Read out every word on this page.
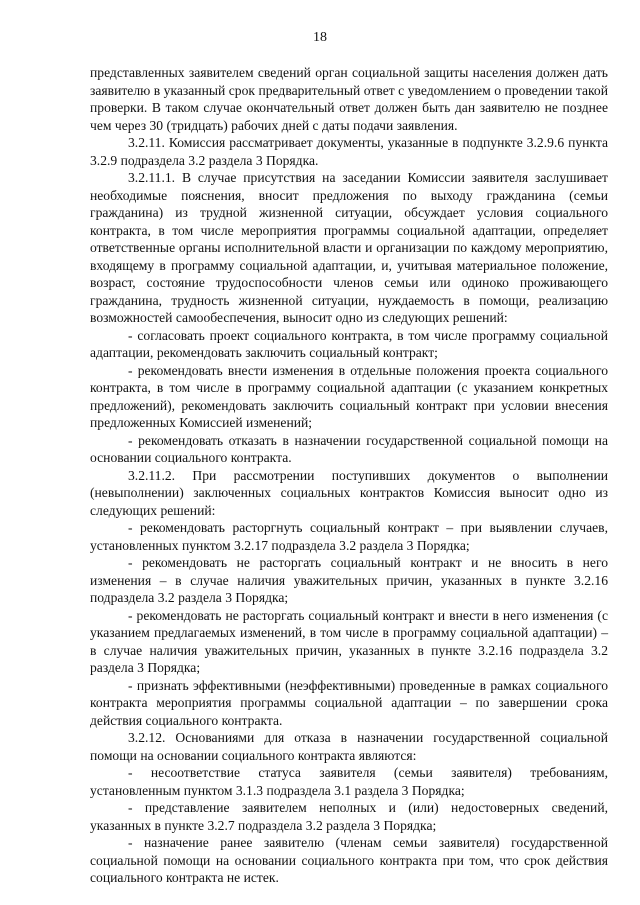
18

представленных заявителем сведений орган социальной защиты населения должен дать заявителю в указанный срок предварительный ответ с уведомлением о проведении такой проверки. В таком случае окончательный ответ должен быть дан заявителю не позднее чем через 30 (тридцать) рабочих дней с даты подачи заявления.

3.2.11. Комиссия рассматривает документы, указанные в подпункте 3.2.9.6 пункта 3.2.9 подраздела 3.2 раздела 3 Порядка.

3.2.11.1. В случае присутствия на заседании Комиссии заявителя заслушивает необходимые пояснения, вносит предложения по выходу гражданина (семьи гражданина) из трудной жизненной ситуации, обсуждает условия социального контракта, в том числе мероприятия программы социальной адаптации, определяет ответственные органы исполнительной власти и организации по каждому мероприятию, входящему в программу социальной адаптации, и, учитывая материальное положение, возраст, состояние трудоспособности членов семьи или одиноко проживающего гражданина, трудность жизненной ситуации, нуждаемость в помощи, реализацию возможностей самообеспечения, выносит одно из следующих решений:

- согласовать проект социального контракта, в том числе программу социальной адаптации, рекомендовать заключить социальный контракт;

- рекомендовать внести изменения в отдельные положения проекта социального контракта, в том числе в программу социальной адаптации (с указанием конкретных предложений), рекомендовать заключить социальный контракт при условии внесения предложенных Комиссией изменений;

- рекомендовать отказать в назначении государственной социальной помощи на основании социального контракта.

3.2.11.2. При рассмотрении поступивших документов о выполнении (невыполнении) заключенных социальных контрактов Комиссия выносит одно из следующих решений:

- рекомендовать расторгнуть социальный контракт – при выявлении случаев, установленных пунктом 3.2.17 подраздела 3.2 раздела 3 Порядка;

- рекомендовать не расторгать социальный контракт и не вносить в него изменения – в случае наличия уважительных причин, указанных в пункте 3.2.16 подраздела 3.2 раздела 3 Порядка;

- рекомендовать не расторгать социальный контракт и внести в него изменения (с указанием предлагаемых изменений, в том числе в программу социальной адаптации) – в случае наличия уважительных причин, указанных в пункте 3.2.16 подраздела 3.2 раздела 3 Порядка;

- признать эффективными (неэффективными) проведенные в рамках социального контракта мероприятия программы социальной адаптации – по завершении срока действия социального контракта.

3.2.12. Основаниями для отказа в назначении государственной социальной помощи на основании социального контракта являются:

- несоответствие статуса заявителя (семьи заявителя) требованиям, установленным пунктом 3.1.3 подраздела 3.1 раздела 3 Порядка;

- представление заявителем неполных и (или) недостоверных сведений, указанных в пункте 3.2.7 подраздела 3.2 раздела 3 Порядка;

- назначение ранее заявителю (членам семьи заявителя) государственной социальной помощи на основании социального контракта при том, что срок действия социального контракта не истек.
